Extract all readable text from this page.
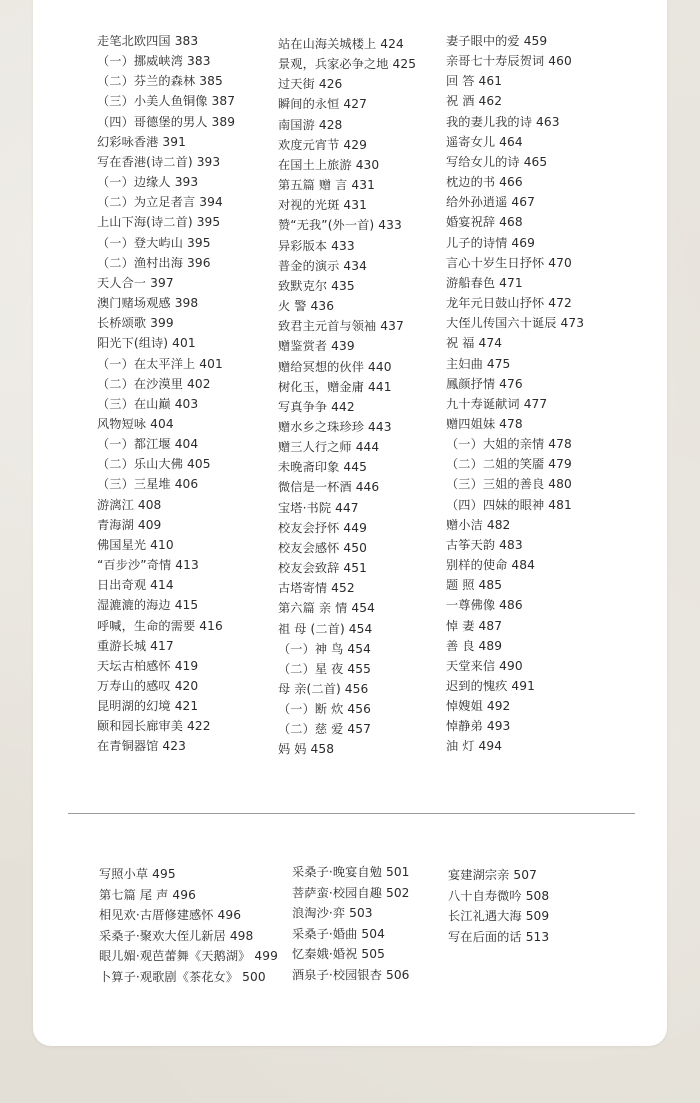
走笔北欧四国 383
（一）挪威峡湾 383
（二）芬兰的森林 385
（三）小美人鱼铜像 387
（四）哥德堡的男人 389
幻彩咏香港 391
写在香港(诗二首) 393
（一）边缘人 393
（二）为立足者言 394
上山下海(诗二首) 395
（一）登大屿山 395
（二）渔村出海 396
天人合一 397
澳门赌场观感 398
长桥颂歌 399
阳光下(组诗) 401
（一）在太平洋上 401
（二）在沙漠里 402
（三）在山巅 403
风物短咏 404
（一）都江堰 404
（二）乐山大佛 405
（三）三星堆 406
游漓江 408
青海湖 409
佛国星光 410
“百步沙”奇情 413
日出奇观 414
湿漉漉的海边 415
呼喊，生命的需要 416
重游长城 417
天坛古柏感怀 419
万寿山的感叹 420
昆明湖的幻境 421
颐和园长廊审美 422
在青铜器馆 423
站在山海关城楼上 424
景观，兵家必争之地 425
过天街 426
瞬间的永恒 427
南国游 428
欢度元宵节 429
在国土上旅游 430
第五篇 赠 言 431
对视的光斑 431
赞“无我”(外一首) 433
异彩版本 433
普金的演示 434
致默克尔 435
火 警 436
致君主元首与领袖 437
赠鉴赏者 439
赠给冥想的伙伴 440
树化玉，赠金庸 441
写真争争 442
赠水乡之珠珍珍 443
赠三人行之师 444
未晚斋印象 445
微信是一杯酒 446
宝塔·书院 447
校友会抒怀 449
校友会感怀 450
校友会致辞 451
古塔寄情 452
第六篇 亲 情 454
祖 母 (二首) 454
（一）神 鸟 454
（二）星 夜 455
母 亲(二首) 456
（一）断 炊 456
（二）慈 爱 457
妈 妈 458
妻子眼中的爱 459
亲哥七十寿辰贺词 460
回 答 461
祝 酒 462
我的妻儿我的诗 463
遥寄女儿 464
写给女儿的诗 465
枕边的书 466
给外孙逍遥 467
婚宴祝辞 468
儿子的诗情 469
言心十岁生日抒怀 470
游船春色 471
龙年元日鼓山抒怀 472
大侄儿传国六十诞辰 473
祝 福 474
主妇曲 475
鳳颜抒情 476
九十寿诞献词 477
赠四姐妹 478
（一）大姐的亲情 478
（二）二姐的笑靥 479
（三）三姐的善良 480
（四）四妹的眼神 481
赠小洁 482
古筝天韵 483
别样的使命 484
题 照 485
一尊佛像 486
悼 妻 487
善 良 489
天堂来信 490
迟到的愧疚 491
悼嫂姐 492
悼静弟 493
油 灯 494
写照小草 495
第七篇 尾 声 496
相见欢·古厝修建感怀 496
采桑子·聚欢大侄儿新居 498
眼儿媚·观芭蕾舞《天鹅湖》 499
卜算子·观歌剧《茶花女》 500
采桑子·晚宴自勉 501
菩萨蛮·校园自趣 502
浪淘沙·弈 503
采桑子·婚曲 504
忆秦娥·婚祝 505
酒泉子·校园银杏 506
宴建湖宗亲 507
八十自寿微吟 508
长江礼遇大海 509
写在后面的话 513
